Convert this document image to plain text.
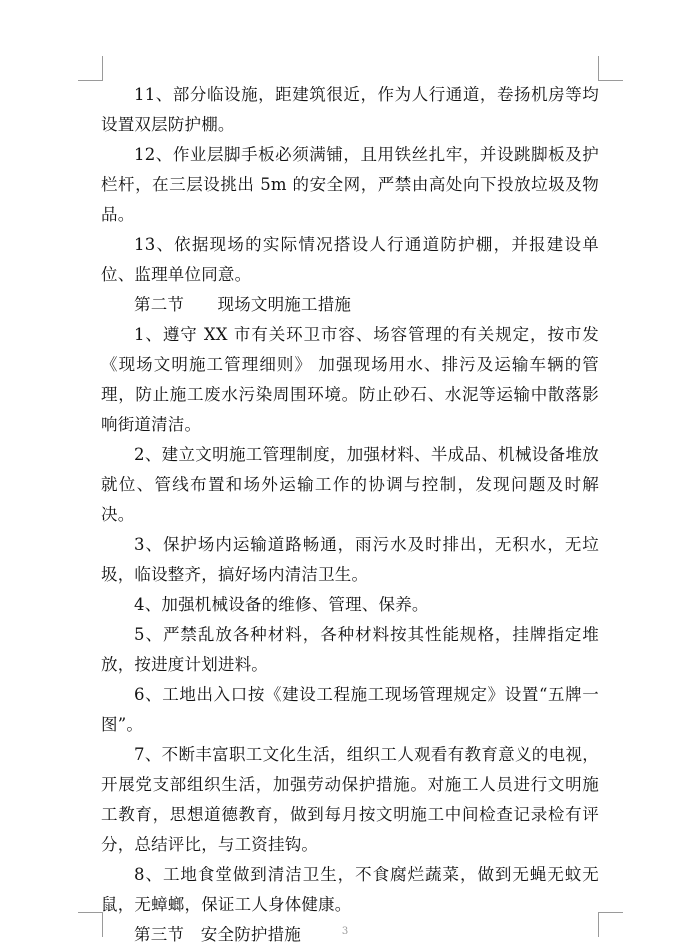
11、部分临设施，距建筑很近，作为人行通道，卷扬机房等均设置双层防护棚。

12、作业层脚手板必须满铺，且用铁丝扎牢，并设跳脚板及护栏杆，在三层设挑出 5m 的安全网，严禁由高处向下投放垃圾及物品。

13、依据现场的实际情况搭设人行通道防护棚，并报建设单位、监理单位同意。

第二节　　现场文明施工措施

1、遵守 XX 市有关环卫市容、场容管理的有关规定，按市发《现场文明施工管理细则》 加强现场用水、排污及运输车辆的管理，防止施工废水污染周围环境。防止砂石、水泥等运输中散落影响街道清洁。

2、建立文明施工管理制度，加强材料、半成品、机械设备堆放就位、管线布置和场外运输工作的协调与控制，发现问题及时解决。

3、保护场内运输道路畅通，雨污水及时排出，无积水，无垃圾，临设整齐，搞好场内清洁卫生。

4、加强机械设备的维修、管理、保养。

5、严禁乱放各种材料，各种材料按其性能规格，挂牌指定堆放，按进度计划进料。

6、工地出入口按《建设工程施工现场管理规定》设置“五牌一图”。

7、不断丰富职工文化生活，组织工人观看有教育意义的电视，开展党支部组织生活，加强劳动保护措施。对施工人员进行文明施工教育，思想道德教育，做到每月按文明施工中间检查记录检有评分，总结评比，与工资挂钩。

8、工地食堂做到清洁卫生，不食腐烂蔬菜，做到无蝇无蚊无鼠，无蟑螂，保证工人身体健康。

第三节　安全防护措施	3
